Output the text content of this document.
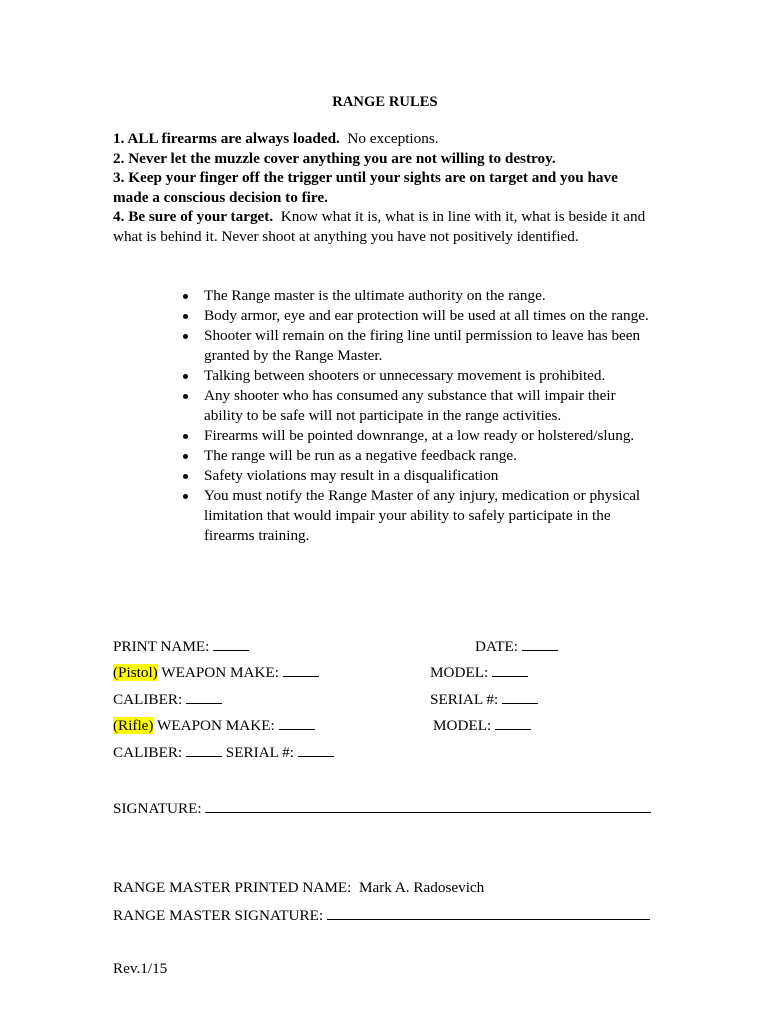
RANGE RULES

1. ALL firearms are always loaded. No exceptions.

2. Never let the muzzle cover anything you are not willing to destroy.

3. Keep your finger off the trigger until your sights are on target and you have made a conscious decision to fire.

4. Be sure of your target. Know what it is, what is in line with it, what is beside it and what is behind it. Never shoot at anything you have not positively identified.

The Range master is the ultimate authority on the range.
Body armor, eye and ear protection will be used at all times on the range.
Shooter will remain on the firing line until permission to leave has been granted by the Range Master.
Talking between shooters or unnecessary movement is prohibited.
Any shooter who has consumed any substance that will impair their ability to be safe will not participate in the range activities.
Firearms will be pointed downrange, at a low ready or holstered/slung.
The range will be run as a negative feedback range.
Safety violations may result in a disqualification
You must notify the Range Master of any injury, medication or physical limitation that would impair your ability to safely participate in the firearms training.
PRINT NAME:	DATE:
(Pistol) WEAPON MAKE:	MODEL:
CALIBER:	SERIAL #:
(Rifle) WEAPON MAKE:	MODEL:
CALIBER:	SERIAL #:
SIGNATURE:
RANGE MASTER PRINTED NAME: Mark A. Radosevich
RANGE MASTER SIGNATURE:
Rev.1/15
